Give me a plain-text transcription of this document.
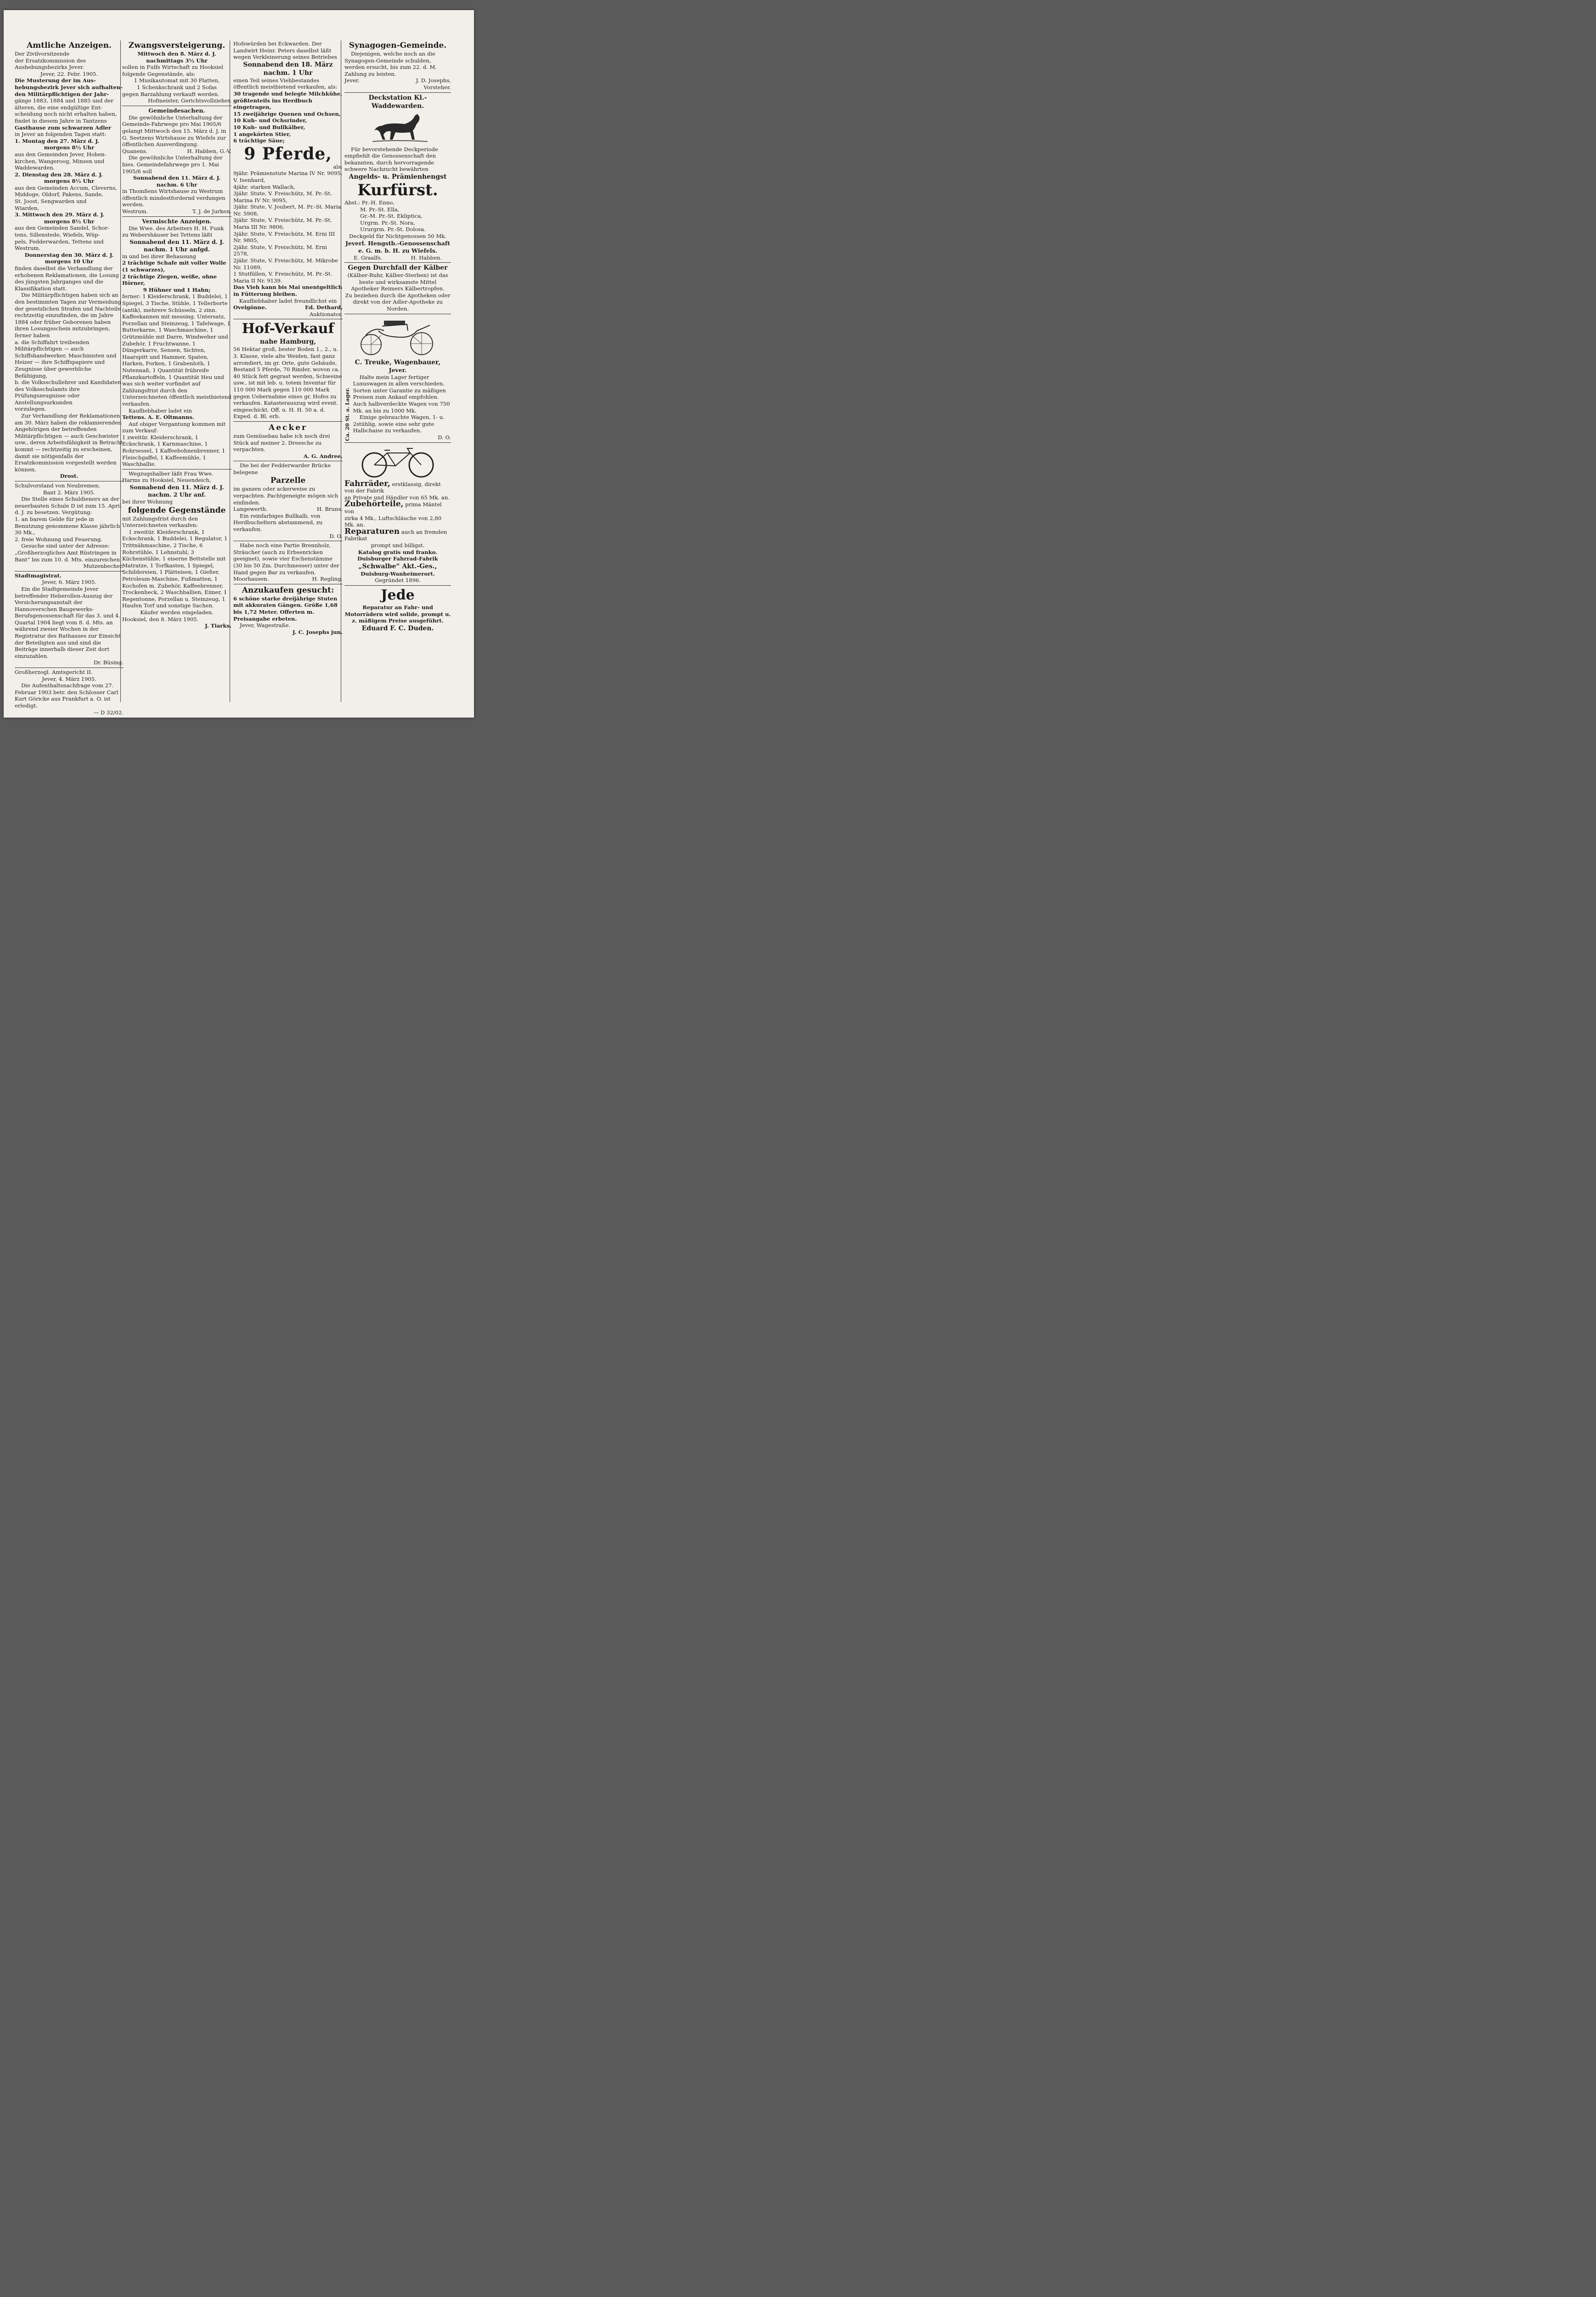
Amtliche Anzeigen.

Der Zivilvorsitzende

der Ersatzkommission des

Aushebungsbezirks Jever.

Jever, 22. Febr. 1905.

Die Musterung der im Aus-

hebungsbezirk Jever sich aufhalten-

den Militärpflichtigen der Jahr-

gänge 1883, 1884 und 1885 und der

älteren, die eine endgültige Ent-

scheidung noch nicht erhalten haben,

findet in diesem Jahre in Tantzens

Gasthause zum schwarzen Adler

in Jever an folgenden Tagen statt:

1. Montag den 27. März d. J.

morgens 8½ Uhr

aus den Gemeinden Jever, Hohen-

kirchen, Wangeroog, Minsen und

Waddewarden.

2. Dienstag den 28. März d. J.

morgens 8½ Uhr

aus den Gemeinden Accum, Cleverns,

Middoge, Oldorf, Pakens, Sande,

St. Joost, Sengwarden und

Wiarden,

3. Mittwoch den 29. März d. J.

morgens 8½ Uhr

aus den Gemeinden Sandel, Schor-

tens, Sillenstede, Wiefels, Wüp-

pels, Fedderwarden, Tettens und

Westrum.

Donnerstag den 30. März d. J.

morgens 10 Uhr

finden daselbst die Verhandlung der erhobenen Reklamationen, die Losung des jüngsten Jahrganges und die Klassifikation statt.

Die Militärpflichtigen haben sich an den bestimmten Tagen zur Vermeidung der gesetzlichen Strafen und Nachteile rechtzeitig einzufinden, die im Jahre 1884 oder früher Geborenen haben ihren Losungsschein mitzubringen, ferner haben

a. die Schiffahrt treibenden Militärpflichtigen — auch Schiffshandwerker, Maschinisten und Heizer — ihre Schiffspapiere und Zeugnisse über gewerbliche Befähigung,

b. die Volksschullehrer und Kandidaten des Volksschulamts ihre Prüfungszeugnisse oder Anstellungsurkunden

vorzulegen.

Zur Verhandlung der Reklamationen am 30. März haben die reklamierenden Angehörigen der betreffenden Militärpflichtigen — auch Geschwister usw., deren Arbeitsfähigkeit in Betracht kommt — rechtzeitig zu erscheinen, damit sie nötigenfalls der Ersatzkommission vorgestellt werden können.

Drost.

Schulvorstand von Neubremen.

Bant 2. März 1905.

Die Stelle eines Schuldieners an der neuerbauten Schule D ist zum 15. April d. J. zu besetzen. Vergütung:

1. an barem Gelde für jede in Benutzung genommene Klasse jährlich 30 Mk.,

2. freie Wohnung und Feuerung.

Gesuche sind unter der Adresse: „Großherzogliches Amt Rüstringen in Bant“ bis zum 10. d. Mts. einzureichen.

Mutzenbecher.

Stadtmagistrat.

Jever, 6. März 1905.

Ein die Stadtgemeinde Jever betreffender Heberollen-Auszug der Versicherungsanstalt der Hannoverschen Baugewerks-Berufsgenossenschaft für das 3. und 4. Quartal 1904 liegt vom 8. d. Mts. an während zweier Wochen in der Registratur des Rathauses zur Einsicht der Beteiligten aus und sind die Beiträge innerhalb dieser Zeit dort einzuzahlen.

Dr. Büsing.

Großherzogl. Amtsgericht II.

Jever, 4. März 1905.

Die Aufenthaltsnachfrage vom 27. Februar 1903 betr. den Schlosser Carl Kurt Göricke aus Frankfurt a. O. ist erledigt.

— D 32/02.

Zwangsversteigerung.

Mittwoch den 8. März d. J.

nachmittags 3½ Uhr

sollen in Fulfs Wirtschaft zu Hooksiel folgende Gegenstände, als:

1 Musikautomat mit 30 Platten,

1 Schenkschrank und 2 Sofas

gegen Barzahlung verkauft werden.

Hofmeister, Gerichtsvollzieher.

Gemeindesachen.

Die gewöhnliche Unterhaltung der Gemeinde-Fahrwege pro Mai 1905/6 gelangt Mittwoch den 15. März d. J. in G. Seetzens Wirtshause zu Wiefels zur öffentlichen Ausverdingung.

Quanens.	H. Habben, G.-V.

Die gewöhnliche Unterhaltung der hies. Gemeindefahrwege pro 1. Mai 1905/6 soll

Sonnabend den 11. März d. J.

nachm. 6 Uhr

in Thomßens Wirtshause zu Westrum öffentlich mindestfordernd verdungen werden.

Westrum.	T. J. de Jurken.

Vermischte Anzeigen.

Die Wwe. des Arbeiters H. H. Funk zu Webershäuser bei Tettens läßt

Sonnabend den 11. März d. J.

nachm. 1 Uhr anfgd.

in und bei ihrer Behausung

2 trächtige Schafe mit voller Wolle (1 schwarzes),

2 trächtige Ziegen, weiße, ohne Hörner,

9 Hühner und 1 Hahn;

ferner: 1 Kleiderschrank, 1 Buddelei, 1 Spiegel, 3 Tische, Stühle, 1 Tellerborte (antik), mehrere Schüsseln, 2 zinn. Kaffeekannen mit messing. Untersatz, Porzellan und Steinzeug, 1 Tafelwage, 1 Butterkarne, 1 Waschmaschine, 1 Grützmühle mit Darre, Windweher und Zubehör, 1 Fruchtwanne, 1 Düngerkarre, Sensen, Sichten, Haarspitt und Hammer, Spaten, Harken, Forken, 1 Grabenloth, 1 Nutennaß, 1 Quantität frühreife Pflanzkartoffeln, 1 Quantität Heu und was sich weiter vorfindet auf Zahlungsfrist durch den Unterzeichneten öffentlich meistbietend verkaufen.

Kaufliebhaber ladet ein

Tettens. A. E. Oltmanns.

Auf obiger Vergantung kommen mit zum Verkauf:

1 zweitür. Kleiderschrank, 1 Eckschrank, 1 Karnmaschine, 1 Rohrsessel, 1 Kaffeebohnenbrenner, 1 Fleischgaffel, 1 Kaffeemühle, 1 Waschballie.

Wegzugshalber läßt Frau Wwe. Harms zu Hooksiel, Neuendeich,

Sonnabend den 11. März d. J.

nachm. 2 Uhr anf.

bei ihrer Wohnung

folgende Gegenstände

mit Zahlungsfrist durch den Unterzeichneten verkaufen:

1 zweitür. Kleiderschrank, 1 Eckschrank, 1 Buddelei, 1 Regulator, 1 Trittnähmaschine, 2 Tische, 6 Rohrstühle, 1 Lehnstuhl, 3 Küchenstühle, 1 eiserne Bettstelle mit Matratze, 1 Torfkasten, 1 Spiegel, Schildereien, 1 Plätteisen, 1 Gießer, Petroleum-Maschine, Fußmatten, 1 Kochofen m. Zubehör, Kaffeebrenner, Trockenheck, 2 Waschballien, Eimer, 1 Regentonne, Porzellan u. Steinzeug, 1 Haufen Torf und sonstige Sachen.

Käufer werden eingeladen.

Hooksiel, den 8. März 1905.

J. Tiarks.

Hofswürden bei Eckwarden. Der Landwirt Heinr. Peters daselbst läßt wegen Verkleinerung seines Betriebes

Sonnabend den 18. März

nachm. 1 Uhr

einen Teil seines Viehbestandes öffentlich meistbietend verkaufen, als:

30 tragende und belegte Milchkühe, größtenteils ins Herdbuch eingetragen,

15 zweijährige Quenen und Ochsen,

10 Kuh- und Ochsrinder,

10 Kuh- und Bullkälber,

1 angekörten Stier,

6 trächtige Säue;

9 Pferde,

als:

9jähr. Prämienstute Marina IV Nr. 9095, V. Isenhard,

4jähr. starken Wallach,

3jähr. Stute, V. Freischütz, M. Pr.-St. Marina IV Nr. 9095,

3jähr. Stute, V. Joubert, M. Pr.-St. Maria Nr. 5908,

3jähr. Stute, V. Freischütz, M. Pr.-St. Maria III Nr. 9806,

3jähr. Stute, V. Freischütz, M. Erni III Nr. 9805,

2jähr. Stute, V. Freischütz, M. Erni 2578,

2jähr. Stute, V. Freischütz, M. Mikrobe Nr. 11089,

1 Stutfüllen, V. Freischütz, M. Pr.-St. Maria II Nr. 9139.

Das Vieh kann bis Mai unentgeltlich in Fütterung bleiben.

Kaufliebhaber ladet freundlichst ein

Ovelgönne.	Ed. Dethard,

Auktionator.

Hof-Verkauf

nahe Hamburg,

56 Hektar groß, bester Boden 1., 2., u. 3. Klasse, viele alte Weiden, fast ganz arrondiert, im gr. Orte, gute Gebäude, Bestand 5 Pferde, 70 Rinder, wovon ca. 40 Stück fett gegrast werden, Schweine usw., ist mit leb. u. totem Inventar für 110 000 Mark gegen 110 000 Mark gegen Uebernahme eines gr. Hofes zu verkaufen. Katasterauszug wird event. eingeschickt. Off. u. H. H. 50 a. d. Exped. d. Bl. erb.

Aecker

zum Gemüsebau habe ich noch drei Stück auf meiner 2. Dreesche zu verpachten.

A. G. Andree.

Die bei der Fedderwarder Brücke belegene

Parzelle

im ganzen oder ackerweise zu verpachten. Pachtgeneigte mögen sich einfinden.

Langewerth.	H. Bruns.

Ein reinfarbiges Bullkalb, von Herdbucheltern abstammend, zu verkaufen.

D. O.

Habe noch eine Partie Brennholz, Sträucher (auch zu Erbsenricken geeignet), sowie vier Eschenstämme (30 bis 50 Zm. Durchmesser) unter der Hand gegen Bar zu verkaufen.

Moorhausen.	H. Regling.

Anzukaufen gesucht:

6 schöne starke dreijährige Stuten mit akkuraten Gängen. Größe 1,68 bis 1,72 Meter. Offerten m. Preisangabe erbeten.

Jever, Wagestraße.

J. C. Josephs jun.

Synagogen-Gemeinde.

Diejenigen, welche noch an die Synagogen-Gemeinde schulden, werden ersucht, bis zum 22. d. M. Zahlung zu leisten.

Jever.	J. D. Josephs,

Vorsteher.

Deckstation Kl.-Waddewarden.

Für bevorstehende Deckperiode empfiehlt die Genossenschaft den bekannten, durch hervorragende schwere Nachzucht bewährten

Angelds- u. Prämienhengst

Kurfürst.

Abst.: Pr.-H. Enno,

M. Pr.-St. Ella,

Gr.-M. Pr.-St. Ekliptica,

Urgrm. Pr.-St. Nora,

Ururgrm. Pr.-St. Dolosa.

Deckgeld für Nichtgenossen 50 Mk.

Jeverl. Hengstb.-Genossenschaft

e. G. m. b. H. zu Wiefels.

E. Graalfs.	H. Habben.

Gegen Durchfall der Kälber

(Kälber-Ruhr, Kälber-Sterben) ist das beste und wirksamste Mittel Apotheker Reimers Kälbertropfen.

Zu beziehen durch die Apotheken oder direkt von der Adler-Apotheke zu Norden.

C. Treuke, Wagenbauer,

Jever.

Ca. 20 St. a. Lager.

Halte mein Lager fertiger Luxuswagen in allen verschieden. Sorten unter Garantie zu mäßigen Preisen zum Ankauf empfohlen. Auch halbverdeckte Wagen von 750 Mk. an bis zu 1000 Mk.

Einige gebrauchte Wagen, 1- u. 2stühlig, sowie eine sehr gute Halbchaise zu verkaufen.

D. O.

Fahrräder, erstklassig, direkt von der Fabrik

an Private und Händler von 65 Mk. an.

Zubehörteile, prima Mäntel von

zirka 4 Mk., Luftschläuche von 2,80 Mk. an.

Reparaturen auch an fremden Fabrikat

prompt und billigst.

Katalog gratis und franko.

Duisburger Fahrrad-Fabrik

„Schwalbe“ Akt.-Ges.,

Duisburg-Wanheimerort.

Gegründet 1896.

Jede

Reparatur an Fahr- und Motorrädern wird solide, prompt u. z. mäßigem Preise ausgeführt.

Eduard F. C. Duden.
